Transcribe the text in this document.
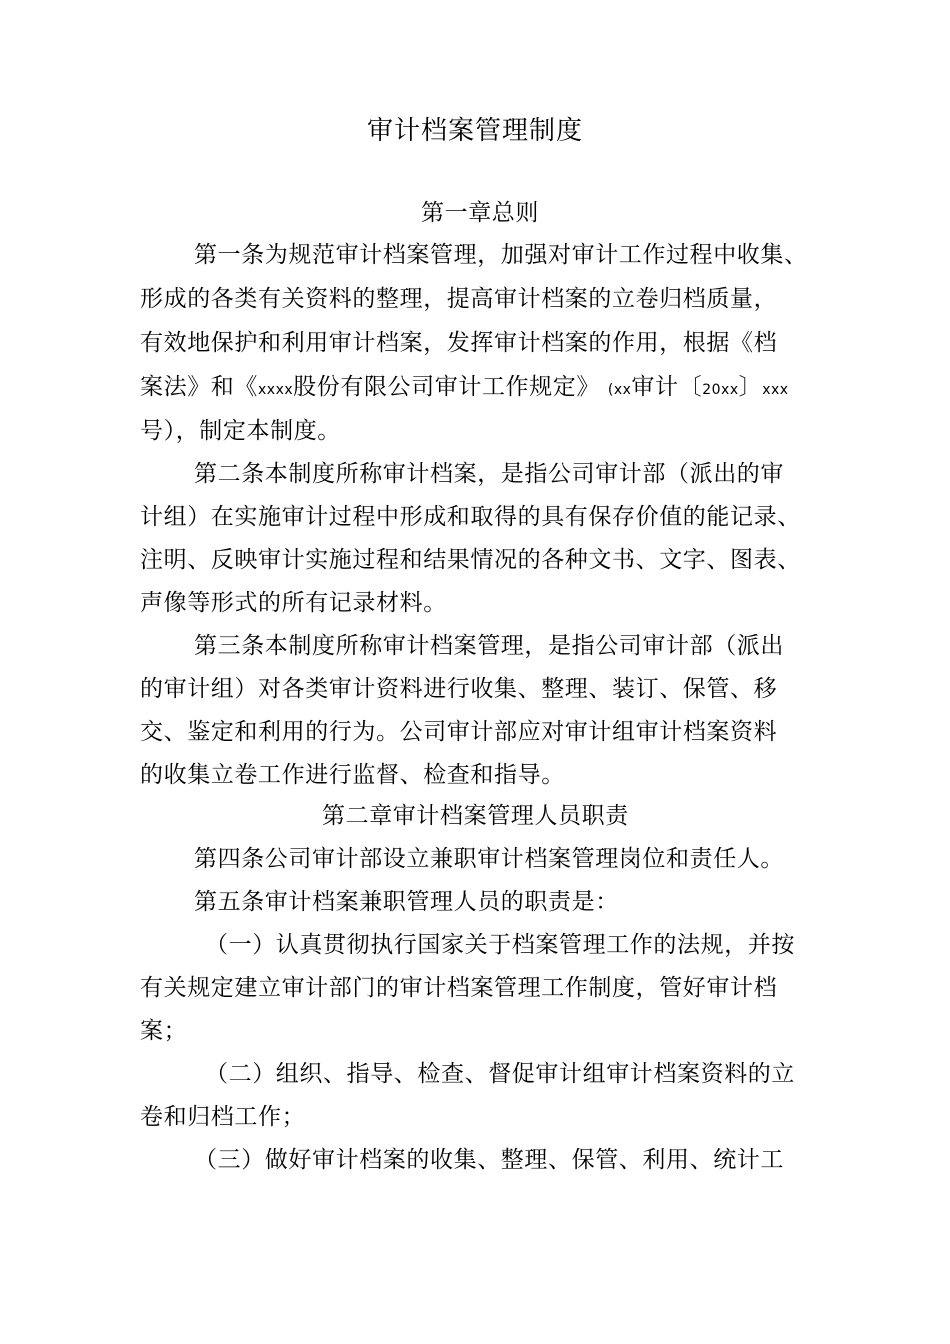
审计档案管理制度
第一章总则
第一条为规范审计档案管理，加强对审计工作过程中收集、
形成的各类有关资料的整理，提高审计档案的立卷归档质量，
有效地保护和利用审计档案，发挥审计档案的作用，根据《档
案法》和《xxxx股份有限公司审计工作规定》 (xx审计〔20xx〕xxx
号），制定本制度。
第二条本制度所称审计档案，是指公司审计部（派出的审
计组）在实施审计过程中形成和取得的具有保存价值的能记录、
注明、反映审计实施过程和结果情况的各种文书、文字、图表、
声像等形式的所有记录材料。
第三条本制度所称审计档案管理，是指公司审计部（派出
的审计组）对各类审计资料进行收集、整理、装订、保管、移
交、鉴定和利用的行为。公司审计部应对审计组审计档案资料
的收集立卷工作进行监督、检查和指导。
第二章审计档案管理人员职责
第四条公司审计部设立兼职审计档案管理岗位和责任人。
第五条审计档案兼职管理人员的职责是：
（一）认真贯彻执行国家关于档案管理工作的法规，并按
有关规定建立审计部门的审计档案管理工作制度，管好审计档
案；
（二）组织、指导、检查、督促审计组审计档案资料的立
卷和归档工作；
（三）做好审计档案的收集、整理、保管、利用、统计工
